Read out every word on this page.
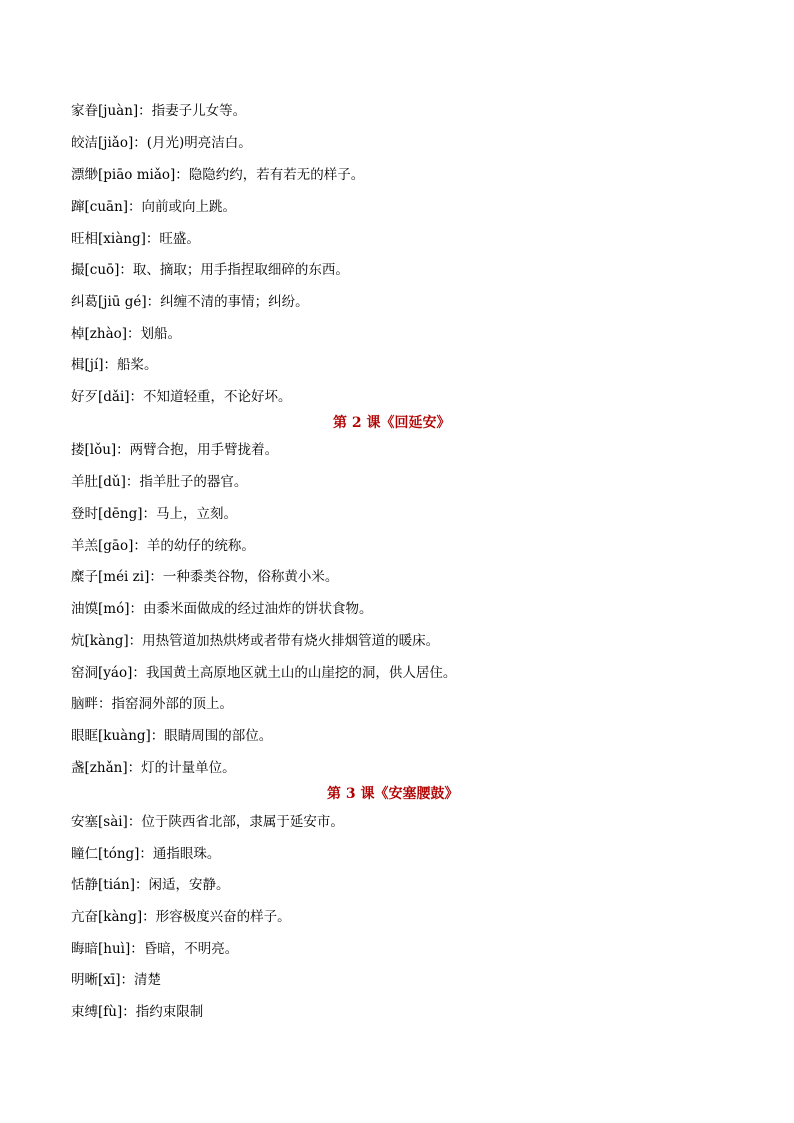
家眷[juàn]：指妻子儿女等。
皎洁[jiǎo]：(月光)明亮洁白。
漂缈[piāo miǎo]：隐隐约约，若有若无的样子。
蹿[cuān]：向前或向上跳。
旺相[xiàng]：旺盛。
撮[cuō]：取、摘取；用手指捏取细碎的东西。
纠葛[jiū gé]：纠缠不清的事情；纠纷。
棹[zhào]：划船。
楫[jí]：船桨。
好歹[dǎi]：不知道轻重，不论好坏。
第 2 课《回延安》
搂[lǒu]：两臂合抱，用手臂拢着。
羊肚[dǔ]：指羊肚子的器官。
登时[dēng]：马上，立刻。
羊羔[gāo]：羊的幼仔的统称。
糜子[méi zi]：一种黍类谷物，俗称黄小米。
油馍[mó]：由黍米面做成的经过油炸的饼状食物。
炕[kàng]：用热管道加热烘烤或者带有烧火排烟管道的暖床。
窑洞[yáo]：我国黄土高原地区就土山的山崖挖的洞，供人居住。
脑畔：指窑洞外部的顶上。
眼眶[kuàng]：眼睛周围的部位。
盏[zhǎn]：灯的计量单位。
第 3 课《安塞腰鼓》
安塞[sài]：位于陕西省北部，隶属于延安市。
瞳仁[tóng]：通指眼珠。
恬静[tián]：闲适，安静。
亢奋[kàng]：形容极度兴奋的样子。
晦暗[huì]：昏暗，不明亮。
明晰[xī]：清楚
束缚[fù]：指约束限制
